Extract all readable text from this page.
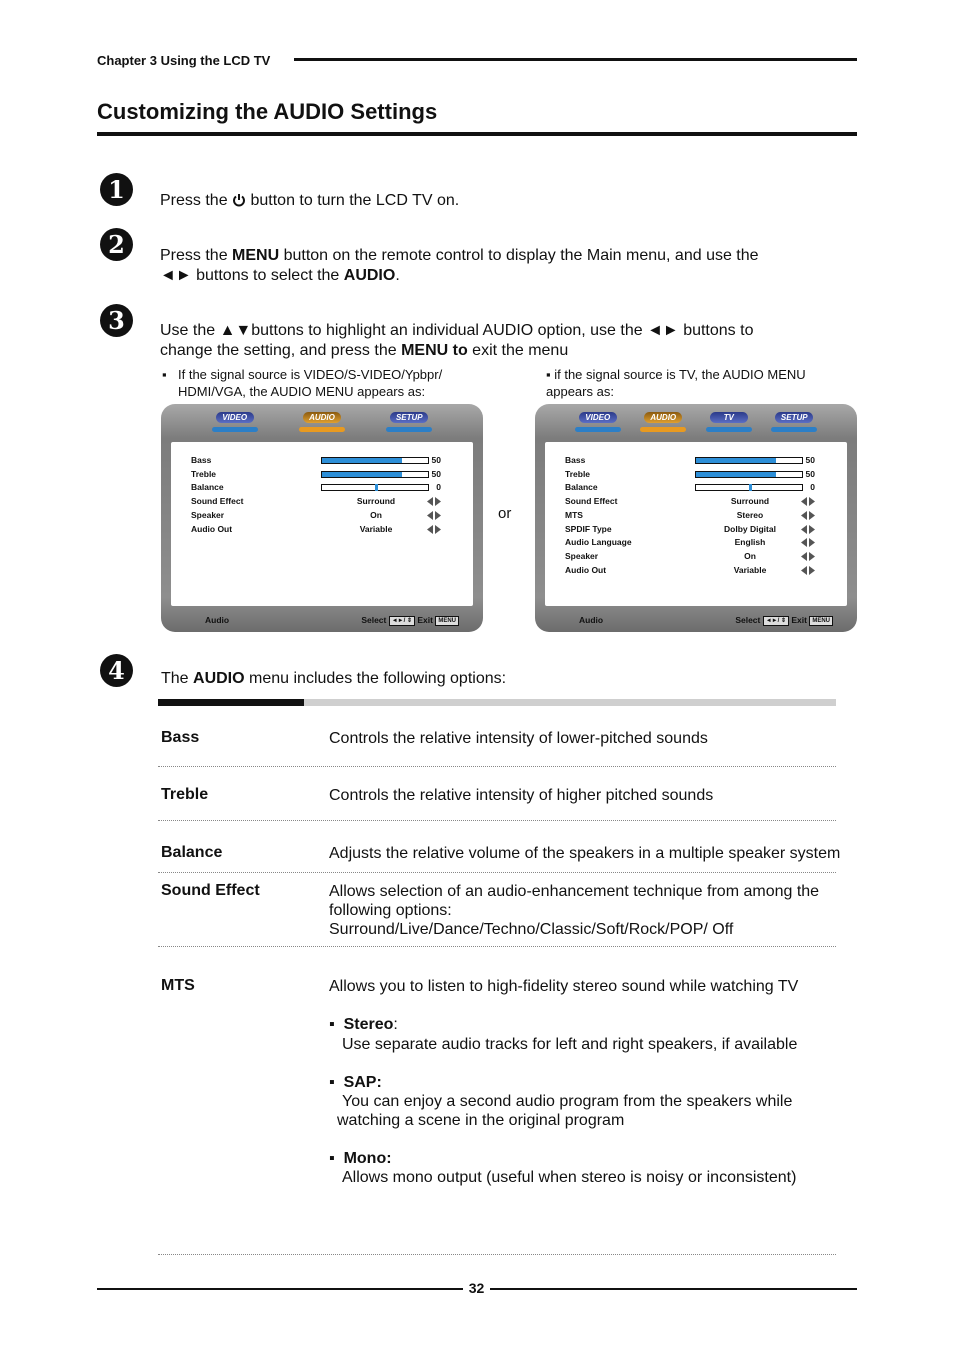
Chapter 3 Using the LCD TV
Customizing the AUDIO Settings
1	Press the  button to turn the LCD TV on.
2	Press the MENU button on the remote control to display the Main menu, and use the
◄► buttons to select the AUDIO.
3	Use the ▲▼buttons to highlight an individual AUDIO option, use the ◄► buttons to
change the setting, and press the MENU to exit the menu
▪ If the signal source is VIDEO/S-VIDEO/Ypbpr/
HDMI/VGA, the AUDIO MENU appears as:
▪ if the signal source is TV, the AUDIO MENU
appears as:
VIDEO	AUDIO	SETUP
Bass	50
Treble	50
Balance	0
Sound Effect	Surround
Speaker	On
Audio Out	Variable
Audio	Select ◄►/ ⇕ Exit MENU
or
VIDEO	AUDIO	TV	SETUP
Bass	50
Treble	50
Balance	0
Sound Effect	Surround
MTS	Stereo
SPDIF Type	Dolby Digital
Audio Language	English
Speaker	On
Audio Out	Variable
Audio	Select ◄►/ ⇕ Exit MENU
4	The AUDIO menu includes the following options:
Bass	Controls the relative intensity of lower-pitched sounds
Treble	Controls the relative intensity of higher pitched sounds
Balance	Adjusts the relative volume of the speakers in a multiple speaker system
Sound Effect	Allows selection of an audio-enhancement technique from among the following options: Surround/Live/Dance/Techno/Classic/Soft/Rock/POP/ Off
MTS	Allows you to listen to high-fidelity stereo sound while watching TV
▪ Stereo:
Use separate audio tracks for left and right speakers, if available
▪ SAP:
You can enjoy a second audio program from the speakers while
watching a scene in the original program
▪ Mono:
Allows mono output (useful when stereo is noisy or inconsistent)
32
